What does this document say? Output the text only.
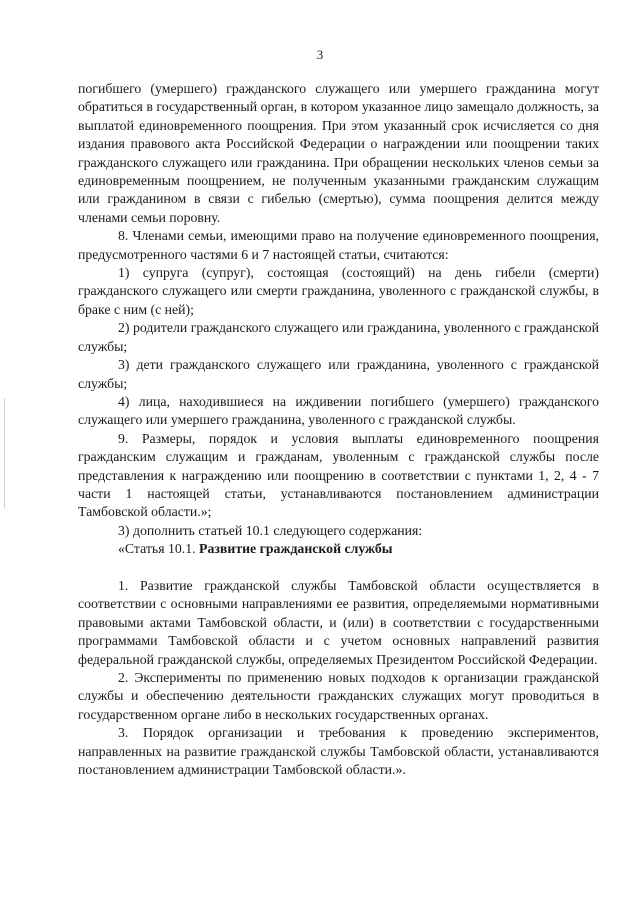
3

погибшего (умершего) гражданского служащего или умершего гражданина могут обратиться в государственный орган, в котором указанное лицо замещало должность, за выплатой единовременного поощрения. При этом указанный срок исчисляется со дня издания правового акта Российской Федерации о награждении или поощрении таких гражданского служащего или гражданина. При обращении нескольких членов семьи за единовременным поощрением, не полученным указанными гражданским служащим или гражданином в связи с гибелью (смертью), сумма поощрения делится между членами семьи поровну.

8. Членами семьи, имеющими право на получение единовременного поощрения, предусмотренного частями 6 и 7 настоящей статьи, считаются:

1) супруга (супруг), состоящая (состоящий) на день гибели (смерти) гражданского служащего или смерти гражданина, уволенного с гражданской службы, в браке с ним (с ней);

2) родители гражданского служащего или гражданина, уволенного с гражданской службы;

3) дети гражданского служащего или гражданина, уволенного с гражданской службы;

4) лица, находившиеся на иждивении погибшего (умершего) гражданского служащего или умершего гражданина, уволенного с гражданской службы.

9. Размеры, порядок и условия выплаты единовременного поощрения гражданским служащим и гражданам, уволенным с гражданской службы после представления к награждению или поощрению в соответствии с пунктами 1, 2, 4 - 7 части 1 настоящей статьи, устанавливаются постановлением администрации Тамбовской области.»;

3) дополнить статьей 10.1 следующего содержания:

«Статья 10.1. Развитие гражданской службы

1. Развитие гражданской службы Тамбовской области осуществляется в соответствии с основными направлениями ее развития, определяемыми нормативными правовыми актами Тамбовской области, и (или) в соответствии с государственными программами Тамбовской области и с учетом основных направлений развития федеральной гражданской службы, определяемых Президентом Российской Федерации.

2. Эксперименты по применению новых подходов к организации гражданской службы и обеспечению деятельности гражданских служащих могут проводиться в государственном органе либо в нескольких государственных органах.

3. Порядок организации и требования к проведению экспериментов, направленных на развитие гражданской службы Тамбовской области, устанавливаются постановлением администрации Тамбовской области.».
